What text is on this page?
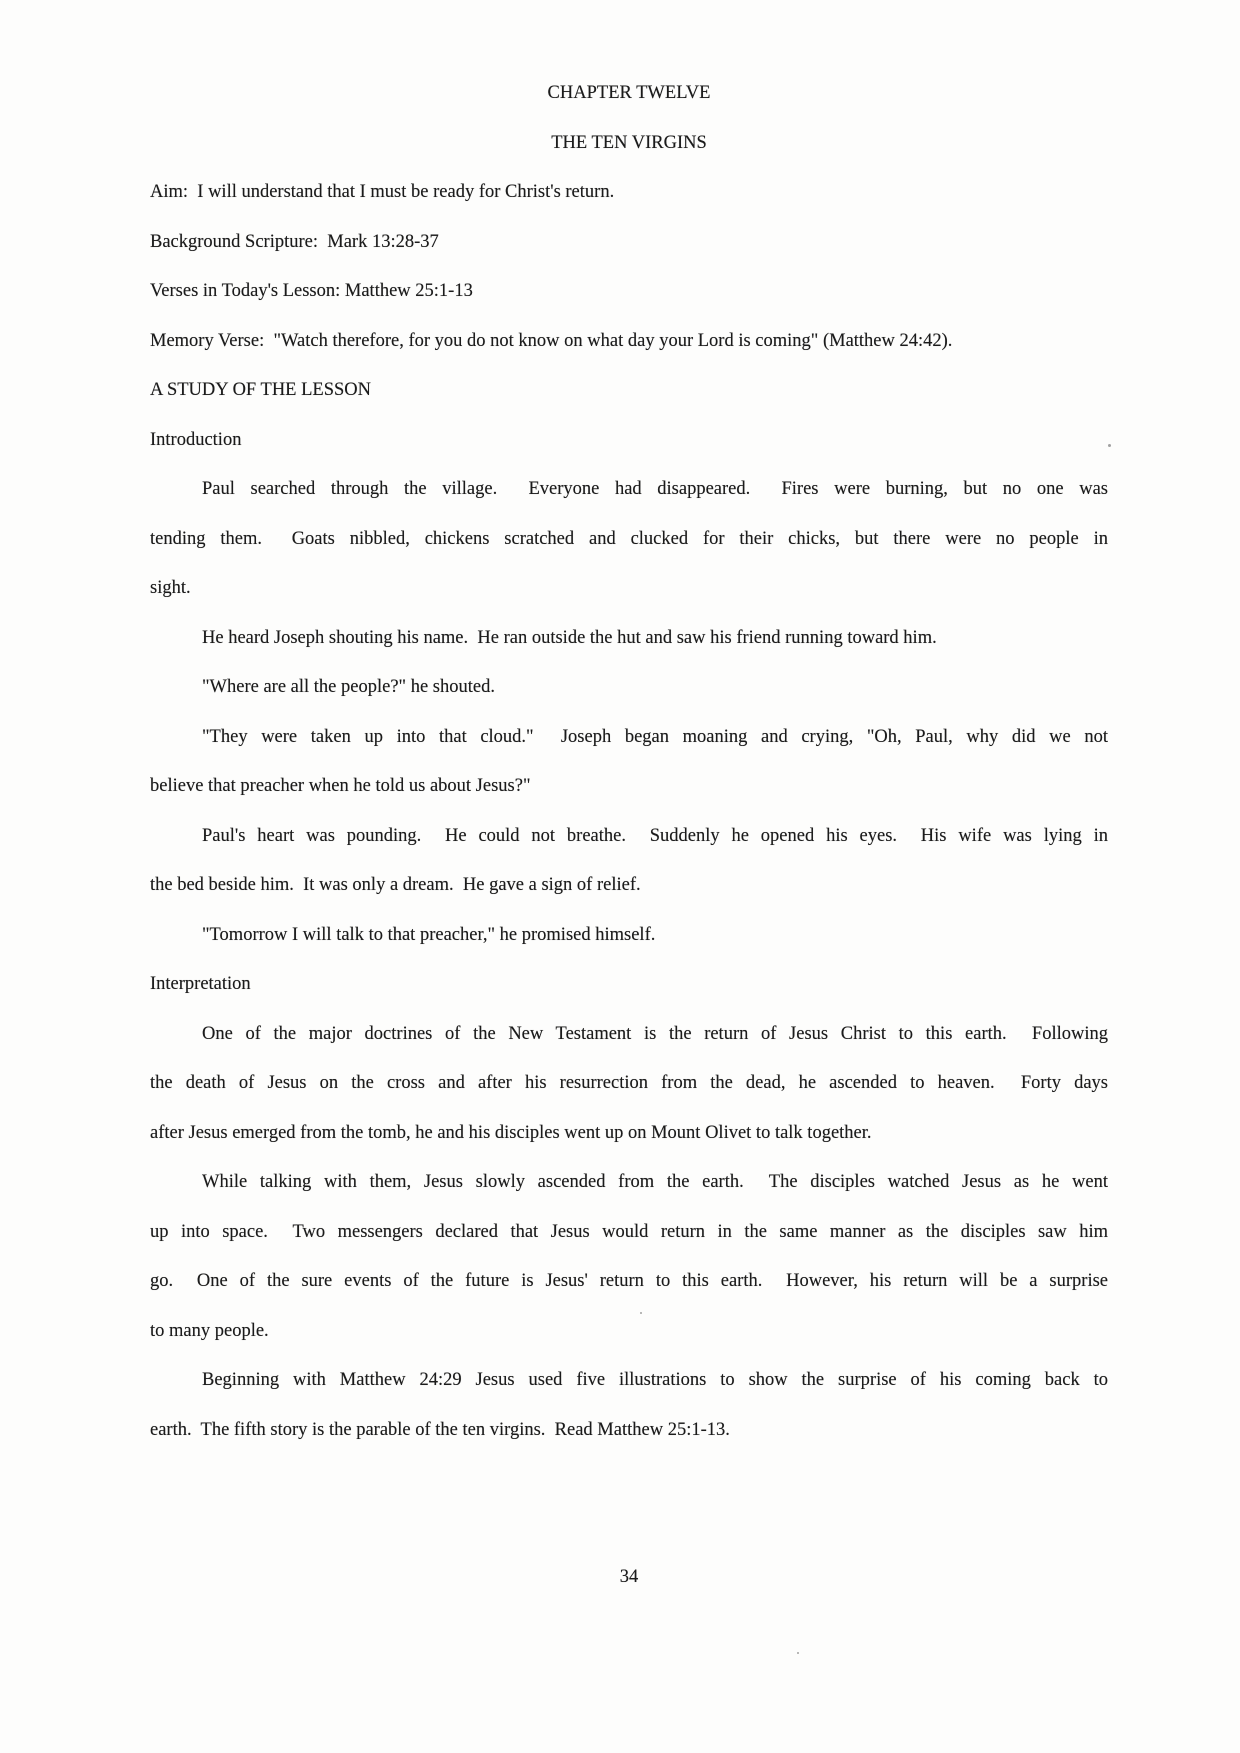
CHAPTER TWELVE
THE TEN VIRGINS
Aim:  I will understand that I must be ready for Christ's return.
Background Scripture:  Mark 13:28-37
Verses in Today's Lesson: Matthew 25:1-13
Memory Verse:  "Watch therefore, for you do not know on what day your Lord is coming" (Matthew 24:42).
A STUDY OF THE LESSON
Introduction
Paul searched through the village.  Everyone had disappeared.  Fires were burning, but no one was
tending them.  Goats nibbled, chickens scratched and clucked for their chicks, but there were no people in
sight.
He heard Joseph shouting his name.  He ran outside the hut and saw his friend running toward him.
"Where are all the people?" he shouted.
"They were taken up into that cloud."  Joseph began moaning and crying, "Oh, Paul, why did we not
believe that preacher when he told us about Jesus?"
Paul's heart was pounding.  He could not breathe.  Suddenly he opened his eyes.  His wife was lying in
the bed beside him.  It was only a dream.  He gave a sign of relief.
"Tomorrow I will talk to that preacher," he promised himself.
Interpretation
One of the major doctrines of the New Testament is the return of Jesus Christ to this earth.  Following
the death of Jesus on the cross and after his resurrection from the dead, he ascended to heaven.  Forty days
after Jesus emerged from the tomb, he and his disciples went up on Mount Olivet to talk together.
While talking with them, Jesus slowly ascended from the earth.  The disciples watched Jesus as he went
up into space.  Two messengers declared that Jesus would return in the same manner as the disciples saw him
go.  One of the sure events of the future is Jesus' return to this earth.  However, his return will be a surprise
to many people.
Beginning with Matthew 24:29 Jesus used five illustrations to show the surprise of his coming back to
earth.  The fifth story is the parable of the ten virgins.  Read Matthew 25:1-13.
34
